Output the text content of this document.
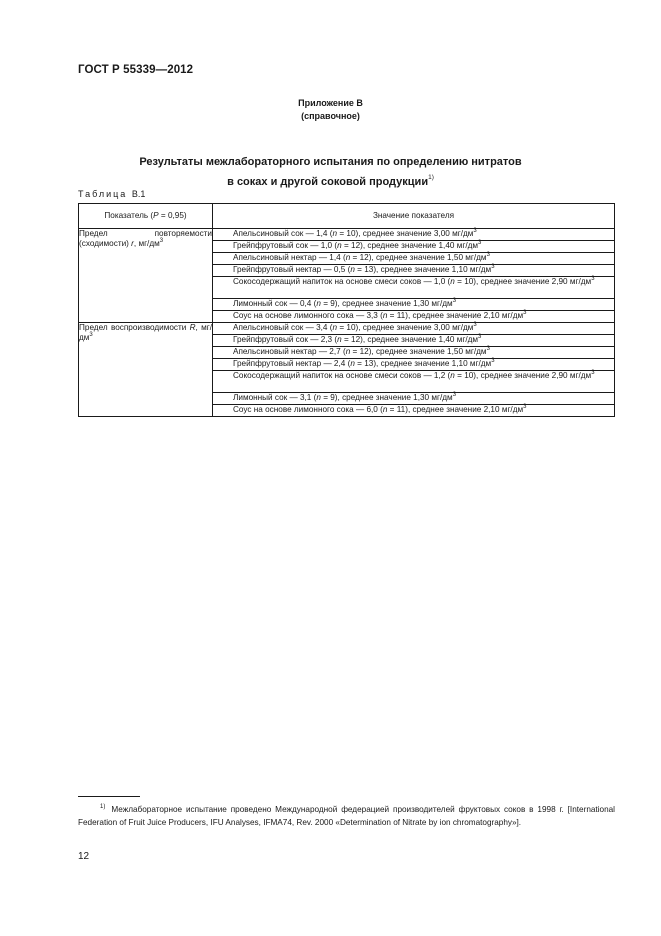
ГОСТ Р 55339—2012
Приложение В
(справочное)
Результаты межлабораторного испытания по определению нитратов
в соках и другой соковой продукции$^{1)}$
Таблица В.1
Показатель (P = 0,95)	Значение показателя
Предел повторяемости (сходимости) r, $мг/дм^3$	Апельсиновый сок — 1,4 (n = 10), среднее значение 3,00 $мг/дм^3$

	Грейпфрутовый сок — 1,0 (n = 12), среднее значение 1,40 $мг/дм^3$

	Апельсиновый нектар — 1,4 (n = 12), среднее значение 1,50 $мг/дм^3$

	Грейпфрутовый нектар — 0,5 (n = 13), среднее значение 1,10 $мг/дм^3$

	Сокосодержащий напиток на основе смеси соков — 1,0 (n = 10), среднее значение 2,90 $мг/дм^3$

	Лимонный сок — 0,4 (n = 9), среднее значение 1,30 $мг/дм^3$

	Соус на основе лимонного сока — 3,3 (n = 11), среднее значение 2,10 $мг/дм^3$

Предел воспроизводимости R, $мг/дм^3$	Апельсиновый сок — 3,4 (n = 10), среднее значение 3,00 $мг/дм^3$

	Грейпфрутовый сок — 2,3 (n = 12), среднее значение 1,40 $мг/дм^3$

	Апельсиновый нектар — 2,7 (n = 12), среднее значение 1,50 $мг/дм^3$

	Грейпфрутовый нектар — 2,4 (n = 13), среднее значение 1,10 $мг/дм^3$

	Сокосодержащий напиток на основе смеси соков — 1,2 (n = 10), среднее значение 2,90 $мг/дм^3$

	Лимонный сок — 3,1 (n = 9), среднее значение 1,30 $мг/дм^3$

	Соус на основе лимонного сока — 6,0 (n = 11), среднее значение 2,10 $мг/дм^3$
$^{1)}$ Межлабораторное испытание проведено Международной федерацией производителей фруктовых соков в 1998 г. [International Federation of Fruit Juice Producers, IFU Analyses, IFMA74, Rev. 2000 «Determination of Nitrate by ion chromatography»].
12
